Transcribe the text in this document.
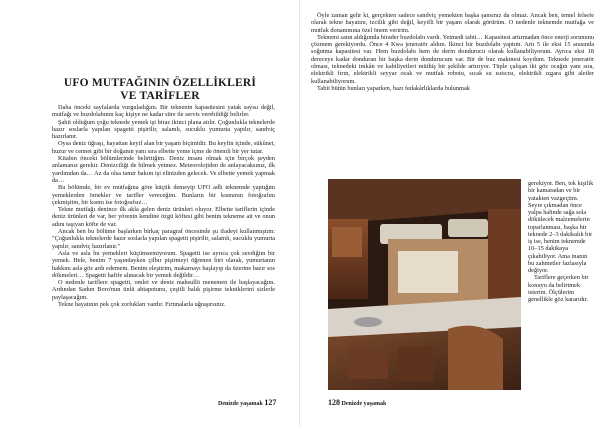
UFO MUTFAĞININ ÖZELLİKLERİ
VE TARİFLER

Daha önceki sayfalarda vurguladığım. Bir teknenin kapasitesini yatak sayısı değil, mutfağı ve buzdolabının kaç kişiye ne kadar süre ile servis verebildiği belirler.

Şahit olduğum çoğu teknede yemek işi biraz ikinci plana atılır. Çoğunlukla teknelerde hazır soslarla yapılan spagetti pişirilir, salamlı, sucuklu yumurta yapılır, sandviç hazırlanır.

Oysa deniz üğraşı, hayattan keyif alan bir yaşam biçimidir. Bu keyfin içinde, sükûnet, huzur ve cennet gibi bir doğanın yanı sıra elbette yeme içme de önemli bir yer tutar.

Kitabın önceki bölümlerinde belirttiğim. Deniz insanı olmak için birçok şeyden anlamanız gerekir. Denizciliği de bilmek yetmez. Meteorolojiden de anlayacaksınız, ilk yardımdan da… Az da olsa tamir bakım işi elinizden gelecek. Ve elbette yemek yapmak da…

Bu bölümde, bir ev mutfağına göre küçük demeyip UFO adlı teknemde yaptığım yemeklerden örnekler ve tarifler vereceğim. Bunların bir kısmının fotoğrafını çekmiştim, bir kısmı ise fotoğrafsız…

Tekne mutfağı denince ilk akla gelen deniz ürünleri oluyor. Elbette tariflerin içinde deniz ürünleri de var, her yörenin kendine özgü köftesi gibi benim tekneme ait ve onun adını taşıyan köfte de var.

Ancak ben bu bölüme başlarken birkaç paragraf öncesinde şu ifadeyi kullanmıştım: "Çoğunlukla teknelerde hazır soslarla yapılan spagetti pişirilir, salamlı, sucuklu yumurta yapılır, sandviç hazırlanır."

Asla ve asla bu yemekleri küçümsemiyorum. Spagetti ise ayrıca çok sevdiğim bir yemek. Hele, benim 7 yaşındayken çilbır pişirmeyi öğrenen biri olarak, yumurtanın hakkını asla göz ardı edemem. Benim eleştirim, makarnayı haşlayıp da üzerine hazır sos dökmeleri… Spagetti hafife alınacak bir yemek değildir…

O nedenle tariflere spagetti, omlet ve deniz mahsullü menemen ile başlayacağım. Ardından Sadun Boro'nun ünlü ahtapotunu, çeşitli balık pişirme tekniklerini sizlerle paylaşacağım.

Tekne hayatının pek çok zorlukları vardır. Fırtınalarla uğraşırsınız.

Denizde yaşamak 127

Öyle zaman gelir ki, gerçekten sadece sandviç yemekten başka şansınız da olmaz. Ancak ben, temel felsefe olarak tekne hayatını, izcilik gibi değil, keyifli bir yaşam olarak görürüm. O nedenle teknemde mutfağa ve mutfak donanımına özel önem veririm.

Teknemi satın aldığımda birader buzdolabı vardı. Yetmedi tabii… Kapasitesi artırmadan önce enerji sorununu çözmem gerekiyordu. Önce 4 Kwa jeneratör aldım. İkinci bir buzdolabı yaptım. Artı 5 ile eksi 15 arasında soğutma kapasitesi var. Hem buzdolabı hem de derin dondurucu olarak kullanabiliyorum. Ayrıca eksi 18 dereceye kadar donduran bir başka derin dondurucum var. Bir de buz makinesi koydum. Teknede jeneratör olması, teknedeki imkân ve kabiliyetleri müthiş bir şekilde artırıyor. Tüple çalışan iki göz ocağın yanı sıra, elektrikli fırın, elektrikli seyyar ocak ve mutfak robotu, sıcak su ısıtıcısı, elektrikli ızgara gibi aletler kullanabiliyorum.

Tabii bütün bunları yaparken, bazı fedakârlıklarda bulunmak

gerekiyor. Ben, tek kişilik bir kamaradan ve bir yatakten vazgeçtim. Seyre çıkmadan önce yalpa halinde sağa sola dökülecek malzemelerin toparlanması, başka bir teknede 2–3 dakikalık bir iş ise, benim teknemde 10–15 dakikaya çıkabiliyor. Ama inanın bu zahmetler fazlasıyla değiyor.

Tariflere geçerken bir konuyu da belirtmek isterim. Ölçülerim genellikle göz kararıdır.

128 Denizde yaşamak
